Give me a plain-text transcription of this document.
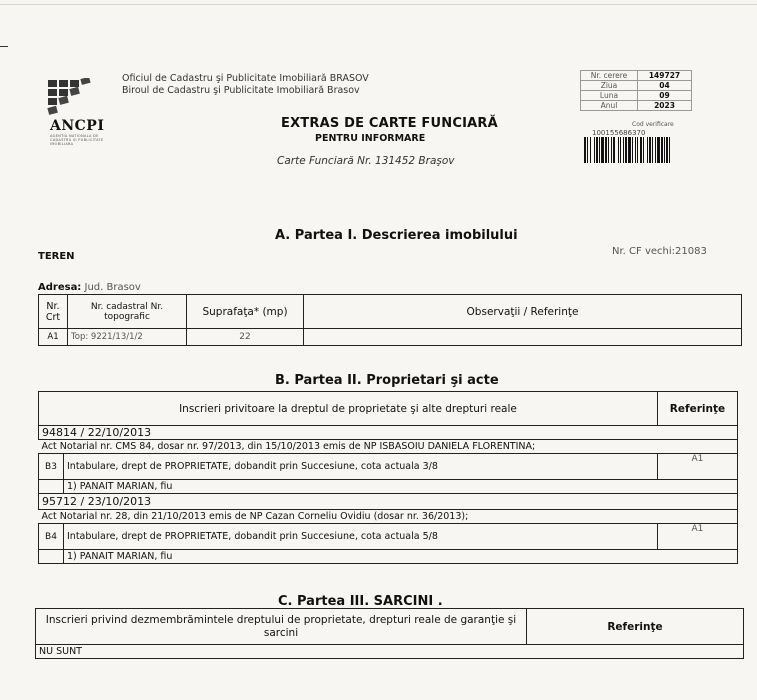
ANCPI
AGENTIA NATIONALA DE CADASTRU SI PUBLICITATE IMOBILIARA
Oficiul de Cadastru şi Publicitate Imobiliară BRASOV
Biroul de Cadastru şi Publicitate Imobiliară Brasov
EXTRAS DE CARTE FUNCIARĂ
PENTRU INFORMARE
Carte Funciară Nr. 131452 Braşov
Nr. cerere	149727
Ziua	04
Luna	09
Anul	2023
Cod verificare
100155686370
A. Partea I. Descrierea imobilului
TEREN	Nr. CF vechi:21083
Adresa: Jud. Brasov
Nr. Crt	Nr. cadastral Nr. topografic	Suprafaţa* (mp)	Observaţii / Referinţe
A1	Top: 9221/13/1/2	22	
B. Partea II. Proprietari şi acte
Inscrieri privitoare la dreptul de proprietate şi alte drepturi reale		Referinţe
94814 / 22/10/2013		
Act Notarial nr. CMS 84, dosar nr. 97/2013, din 15/10/2013 emis de NP ISBASOIU DANIELA FLORENTINA;		
B3	Intabulare, drept de PROPRIETATE, dobandit prin Succesiune, cota actuala 3/8	A1
	1) PANAIT MARIAN, fiu	
95712 / 23/10/2013		
Act Notarial nr. 28, din 21/10/2013 emis de NP Cazan Corneliu Ovidiu (dosar nr. 36/2013);		
B4	Intabulare, drept de PROPRIETATE, dobandit prin Succesiune, cota actuala 5/8	A1
	1) PANAIT MARIAN, fiu	
C. Partea III. SARCINI .
Inscrieri privind dezmembrămintele dreptului de proprietate, drepturi reale de garanţie şi sarcini	Referinţe
NU SUNT
